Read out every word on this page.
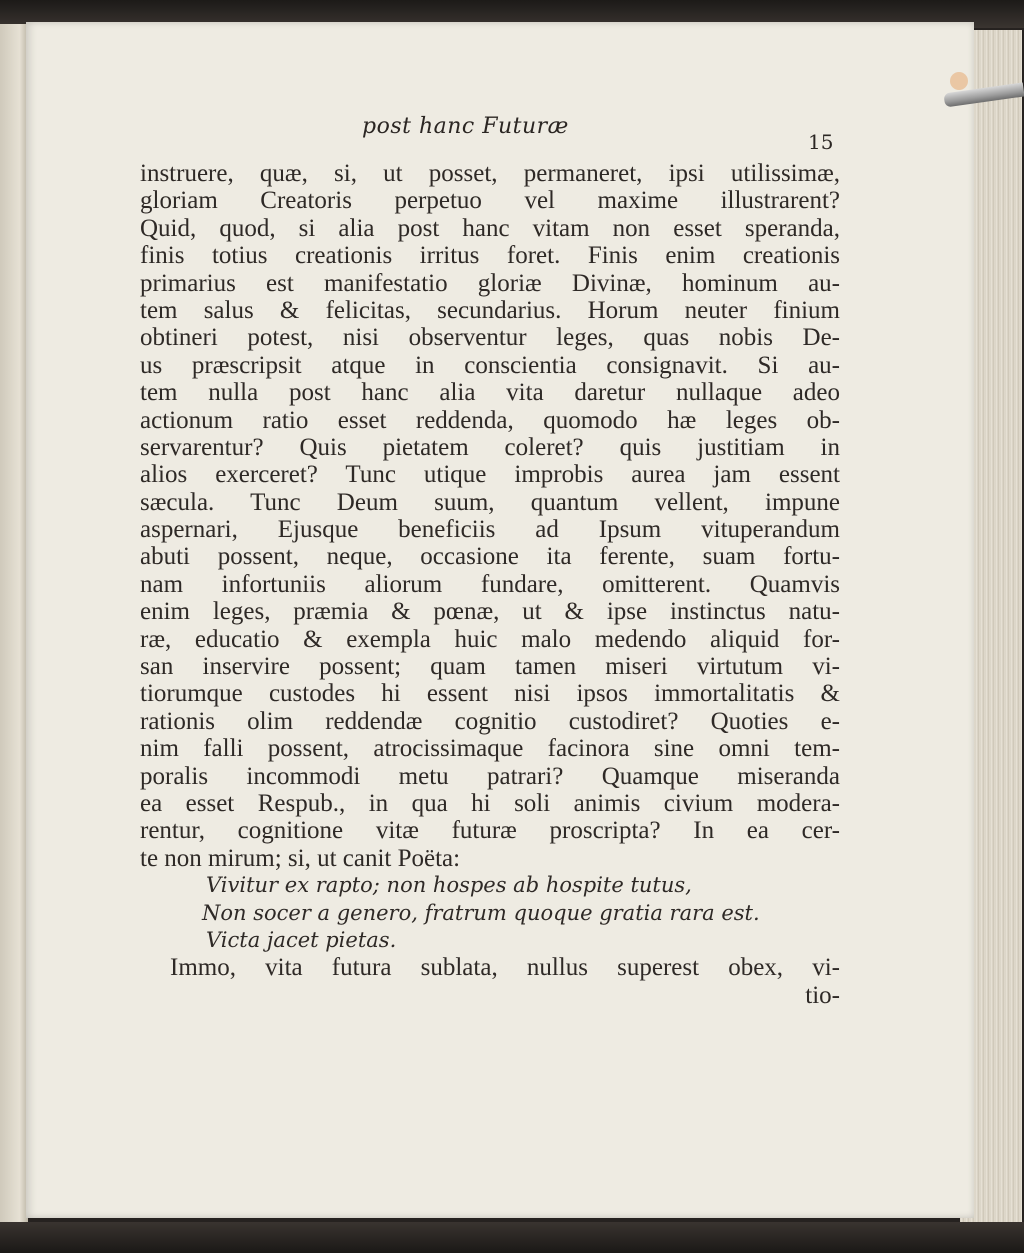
post hanc Futuræ
15
instruere, quæ, si, ut posset, permaneret, ipsi utilissimæ,
gloriam Creatoris perpetuo vel maxime illustrarent?
Quid, quod, si alia post hanc vitam non esset speranda,
finis totius creationis irritus foret. Finis enim creationis
primarius est manifestatio gloriæ Divinæ, hominum au-
tem salus & felicitas, secundarius. Horum neuter finium
obtineri potest, nisi observentur leges, quas nobis De-
us præscripsit atque in conscientia consignavit. Si au-
tem nulla post hanc alia vita daretur nullaque adeo
actionum ratio esset reddenda, quomodo hæ leges ob-
servarentur? Quis pietatem coleret? quis justitiam in
alios exerceret? Tunc utique improbis aurea jam essent
sæcula. Tunc Deum suum, quantum vellent, impune
aspernari, Ejusque beneficiis ad Ipsum vituperandum
abuti possent, neque, occasione ita ferente, suam fortu-
nam infortuniis aliorum fundare, omitterent. Quamvis
enim leges, præmia & pœnæ, ut & ipse instinctus natu-
ræ, educatio & exempla huic malo medendo aliquid for-
san inservire possent; quam tamen miseri virtutum vi-
tiorumque custodes hi essent nisi ipsos immortalitatis &
rationis olim reddendæ cognitio custodiret? Quoties e-
nim falli possent, atrocissimaque facinora sine omni tem-
poralis incommodi metu patrari? Quamque miseranda
ea esset Respub., in qua hi soli animis civium modera-
rentur, cognitione vitæ futuræ proscripta? In ea cer-
te non mirum; si, ut canit Poëta:
Vivitur ex rapto; non hospes ab hospite tutus,
Non socer a genero, fratrum quoque gratia rara est.
Victa jacet pietas.
Immo, vita futura sublata, nullus superest obex, vi-
tio-
